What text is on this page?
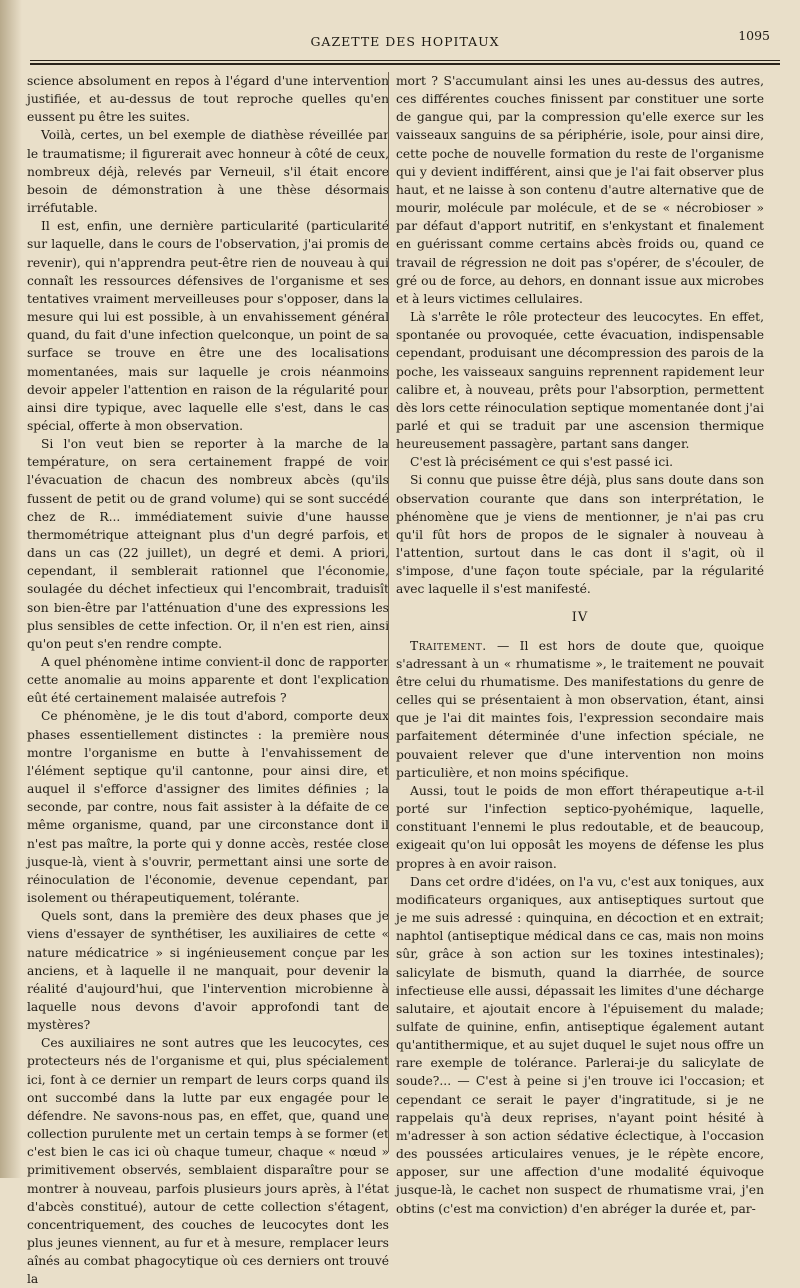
GAZETTE DES HOPITAUX	1095

science absolument en repos à l'égard d'une intervention justifiée, et au-dessus de tout reproche quelles qu'en eussent pu être les suites.

Voilà, certes, un bel exemple de diathèse réveillée par le traumatisme; il figurerait avec honneur à côté de ceux, nombreux déjà, relevés par Verneuil, s'il était encore besoin de démonstration à une thèse désormais irréfutable.

Il est, enfin, une dernière particularité (particularité sur laquelle, dans le cours de l'observation, j'ai promis de revenir), qui n'apprendra peut-être rien de nouveau à qui connaît les ressources défensives de l'organisme et ses tentatives vraiment merveilleuses pour s'opposer, dans la mesure qui lui est possible, à un envahissement général quand, du fait d'une infection quelconque, un point de sa surface se trouve en être une des localisations momentanées, mais sur laquelle je crois néanmoins devoir appeler l'attention en raison de la régularité pour ainsi dire typique, avec laquelle elle s'est, dans le cas spécial, offerte à mon observation.

Si l'on veut bien se reporter à la marche de la température, on sera certainement frappé de voir l'évacuation de chacun des nombreux abcès (qu'ils fussent de petit ou de grand volume) qui se sont succédé chez de R... immédiatement suivie d'une hausse thermométrique atteignant plus d'un degré parfois, et dans un cas (22 juillet), un degré et demi. A priori, cependant, il semblerait rationnel que l'économie, soulagée du déchet infectieux qui l'encombrait, traduisît son bien-être par l'atténuation d'une des expressions les plus sensibles de cette infection. Or, il n'en est rien, ainsi qu'on peut s'en rendre compte.

A quel phénomène intime convient-il donc de rapporter cette anomalie au moins apparente et dont l'explication eût été certainement malaisée autrefois ?

Ce phénomène, je le dis tout d'abord, comporte deux phases essentiellement distinctes : la première nous montre l'organisme en butte à l'envahissement de l'élément septique qu'il cantonne, pour ainsi dire, et auquel il s'efforce d'assigner des limites définies ; la seconde, par contre, nous fait assister à la défaite de ce même organisme, quand, par une circonstance dont il n'est pas maître, la porte qui y donne accès, restée close jusque-là, vient à s'ouvrir, permettant ainsi une sorte de réinoculation de l'économie, devenue cependant, par isolement ou thérapeutiquement, tolérante.

Quels sont, dans la première des deux phases que je viens d'essayer de synthétiser, les auxiliaires de cette « nature médicatrice » si ingénieusement conçue par les anciens, et à laquelle il ne manquait, pour devenir la réalité d'aujourd'hui, que l'intervention microbienne à laquelle nous devons d'avoir approfondi tant de mystères?

Ces auxiliaires ne sont autres que les leucocytes, ces protecteurs nés de l'organisme et qui, plus spécialement ici, font à ce dernier un rempart de leurs corps quand ils ont succombé dans la lutte par eux engagée pour le défendre. Ne savons-nous pas, en effet, que, quand une collection purulente met un certain temps à se former (et c'est bien le cas ici où chaque tumeur, chaque « nœud » primitivement observés, semblaient disparaître pour se montrer à nouveau, parfois plusieurs jours après, à l'état d'abcès constitué), autour de cette collection s'étagent, concentriquement, des couches de leucocytes dont les plus jeunes viennent, au fur et à mesure, remplacer leurs aînés au combat phagocytique où ces derniers ont trouvé la

mort ? S'accumulant ainsi les unes au-dessus des autres, ces différentes couches finissent par constituer une sorte de gangue qui, par la compression qu'elle exerce sur les vaisseaux sanguins de sa périphérie, isole, pour ainsi dire, cette poche de nouvelle formation du reste de l'organisme qui y devient indifférent, ainsi que je l'ai fait observer plus haut, et ne laisse à son contenu d'autre alternative que de mourir, molécule par molécule, et de se « nécrobioser » par défaut d'apport nutritif, en s'enkystant et finalement en guérissant comme certains abcès froids ou, quand ce travail de régression ne doit pas s'opérer, de s'écouler, de gré ou de force, au dehors, en donnant issue aux microbes et à leurs victimes cellulaires.

Là s'arrête le rôle protecteur des leucocytes. En effet, spontanée ou provoquée, cette évacuation, indispensable cependant, produisant une décompression des parois de la poche, les vaisseaux sanguins reprennent rapidement leur calibre et, à nouveau, prêts pour l'absorption, permettent dès lors cette réinoculation septique momentanée dont j'ai parlé et qui se traduit par une ascension thermique heureusement passagère, partant sans danger.

C'est là précisément ce qui s'est passé ici.

Si connu que puisse être déjà, plus sans doute dans son observation courante que dans son interprétation, le phénomène que je viens de mentionner, je n'ai pas cru qu'il fût hors de propos de le signaler à nouveau à l'attention, surtout dans le cas dont il s'agit, où il s'impose, d'une façon toute spéciale, par la régularité avec laquelle il s'est manifesté.

IV

Traitement. — Il est hors de doute que, quoique s'adressant à un « rhumatisme », le traitement ne pouvait être celui du rhumatisme. Des manifestations du genre de celles qui se présentaient à mon observation, étant, ainsi que je l'ai dit maintes fois, l'expression secondaire mais parfaitement déterminée d'une infection spéciale, ne pouvaient relever que d'une intervention non moins particulière, et non moins spécifique.

Aussi, tout le poids de mon effort thérapeutique a-t-il porté sur l'infection septico-pyohémique, laquelle, constituant l'ennemi le plus redoutable, et de beaucoup, exigeait qu'on lui opposât les moyens de défense les plus propres à en avoir raison.

Dans cet ordre d'idées, on l'a vu, c'est aux toniques, aux modificateurs organiques, aux antiseptiques surtout que je me suis adressé : quinquina, en décoction et en extrait; naphtol (antiseptique médical dans ce cas, mais non moins sûr, grâce à son action sur les toxines intestinales); salicylate de bismuth, quand la diarrhée, de source infectieuse elle aussi, dépassait les limites d'une décharge salutaire, et ajoutait encore à l'épuisement du malade; sulfate de quinine, enfin, antiseptique également autant qu'antithermique, et au sujet duquel le sujet nous offre un rare exemple de tolérance. Parlerai-je du salicylate de soude?... — C'est à peine si j'en trouve ici l'occasion; et cependant ce serait le payer d'ingratitude, si je ne rappelais qu'à deux reprises, n'ayant point hésité à m'adresser à son action sédative éclectique, à l'occasion des poussées articulaires venues, je le répète encore, apposer, sur une affection d'une modalité équivoque jusque-là, le cachet non suspect de rhumatisme vrai, j'en obtins (c'est ma conviction) d'en abréger la durée et, par-
